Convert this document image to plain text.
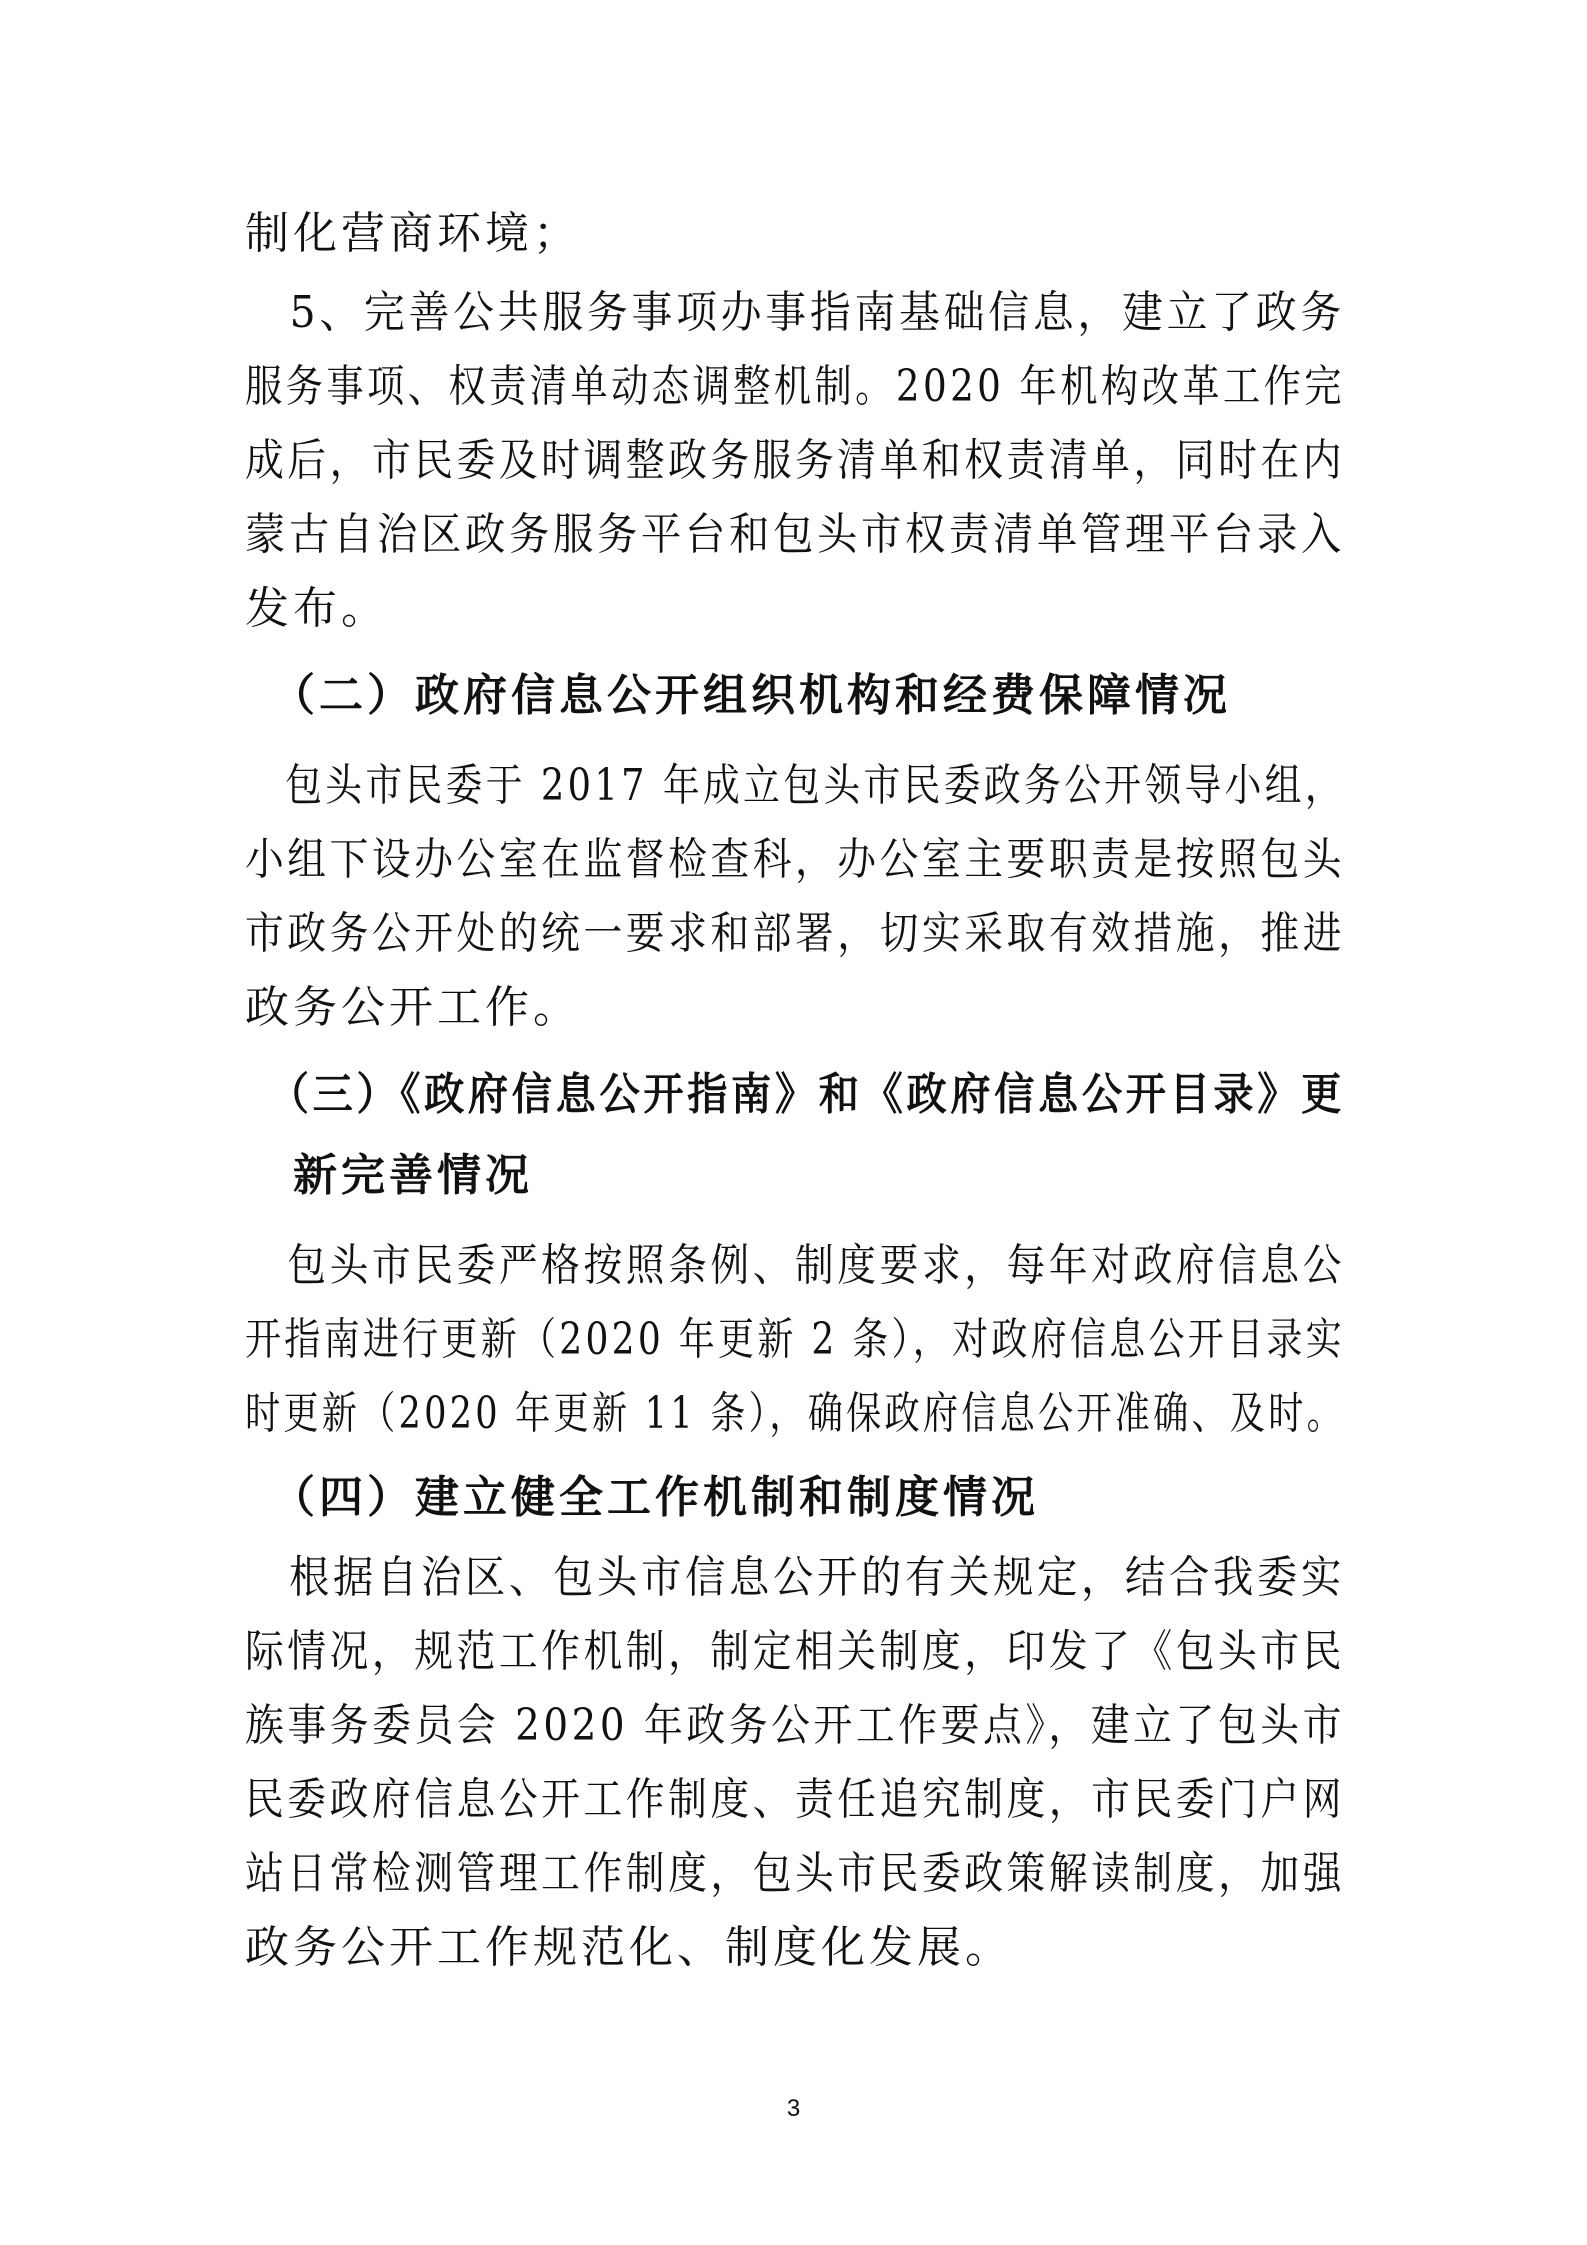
制化营商环境；
　5、完善公共服务事项办事指南基础信息，建立了政务
服务事项、权责清单动态调整机制。2020 年机构改革工作完
成后，市民委及时调整政务服务清单和权责清单，同时在内
蒙古自治区政务服务平台和包头市权责清单管理平台录入
发布。
　（二）政府信息公开组织机构和经费保障情况
　包头市民委于 2017 年成立包头市民委政务公开领导小组，
小组下设办公室在监督检查科，办公室主要职责是按照包头
市政务公开处的统一要求和部署，切实采取有效措施，推进
政务公开工作。
　（三）《政府信息公开指南》和《政府信息公开目录》更
　新完善情况
　包头市民委严格按照条例、制度要求，每年对政府信息公
开指南进行更新（2020 年更新 2 条），对政府信息公开目录实
时更新（2020 年更新 11 条），确保政府信息公开准确、及时。
　（四）建立健全工作机制和制度情况
　根据自治区、包头市信息公开的有关规定，结合我委实
际情况，规范工作机制，制定相关制度，印发了《包头市民
族事务委员会 2020 年政务公开工作要点》，建立了包头市
民委政府信息公开工作制度、责任追究制度，市民委门户网
站日常检测管理工作制度，包头市民委政策解读制度，加强
政务公开工作规范化、制度化发展。
3
